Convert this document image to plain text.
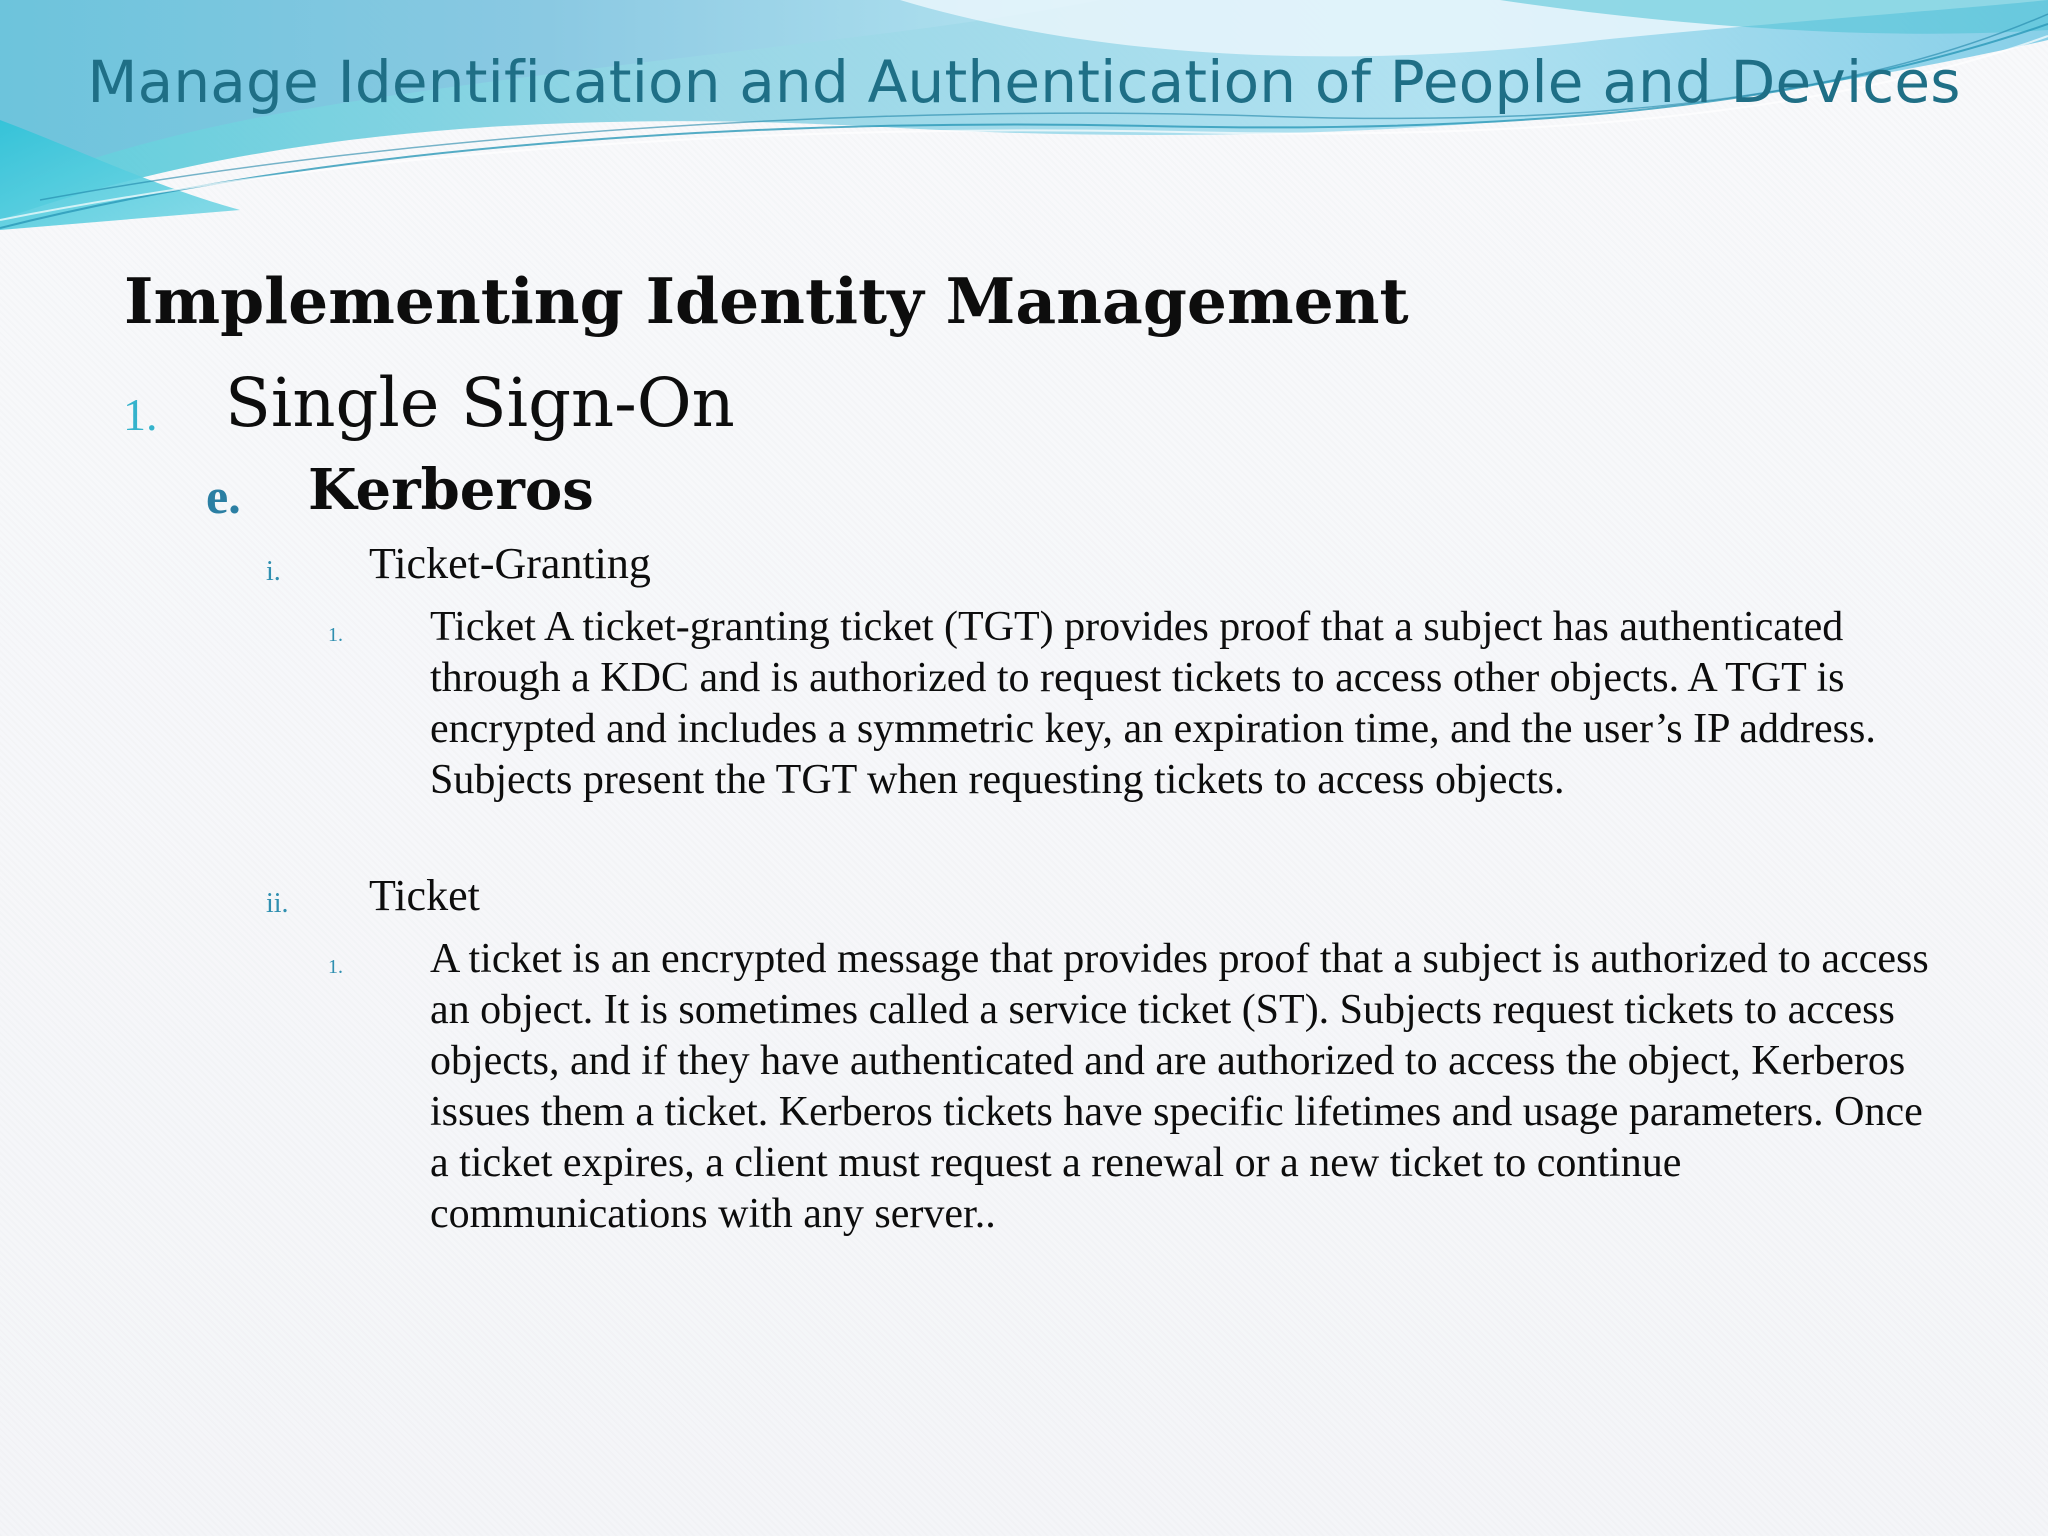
Manage Identification and Authentication of People and Devices
Implementing Identity Management
1. Single Sign-On
e. Kerberos
i. Ticket-Granting
1. Ticket A ticket-granting ticket (TGT) provides proof that a subject has authenticated through a KDC and is authorized to request tickets to access other objects. A TGT is encrypted and includes a symmetric key, an expiration time, and the user’s IP address. Subjects present the TGT when requesting tickets to access objects.
ii. Ticket
1. A ticket is an encrypted message that provides proof that a subject is authorized to access an object. It is sometimes called a service ticket (ST). Subjects request tickets to access objects, and if they have authenticated and are authorized to access the object, Kerberos issues them a ticket. Kerberos tickets have specific lifetimes and usage parameters. Once a ticket expires, a client must request a renewal or a new ticket to continue communications with any server..
